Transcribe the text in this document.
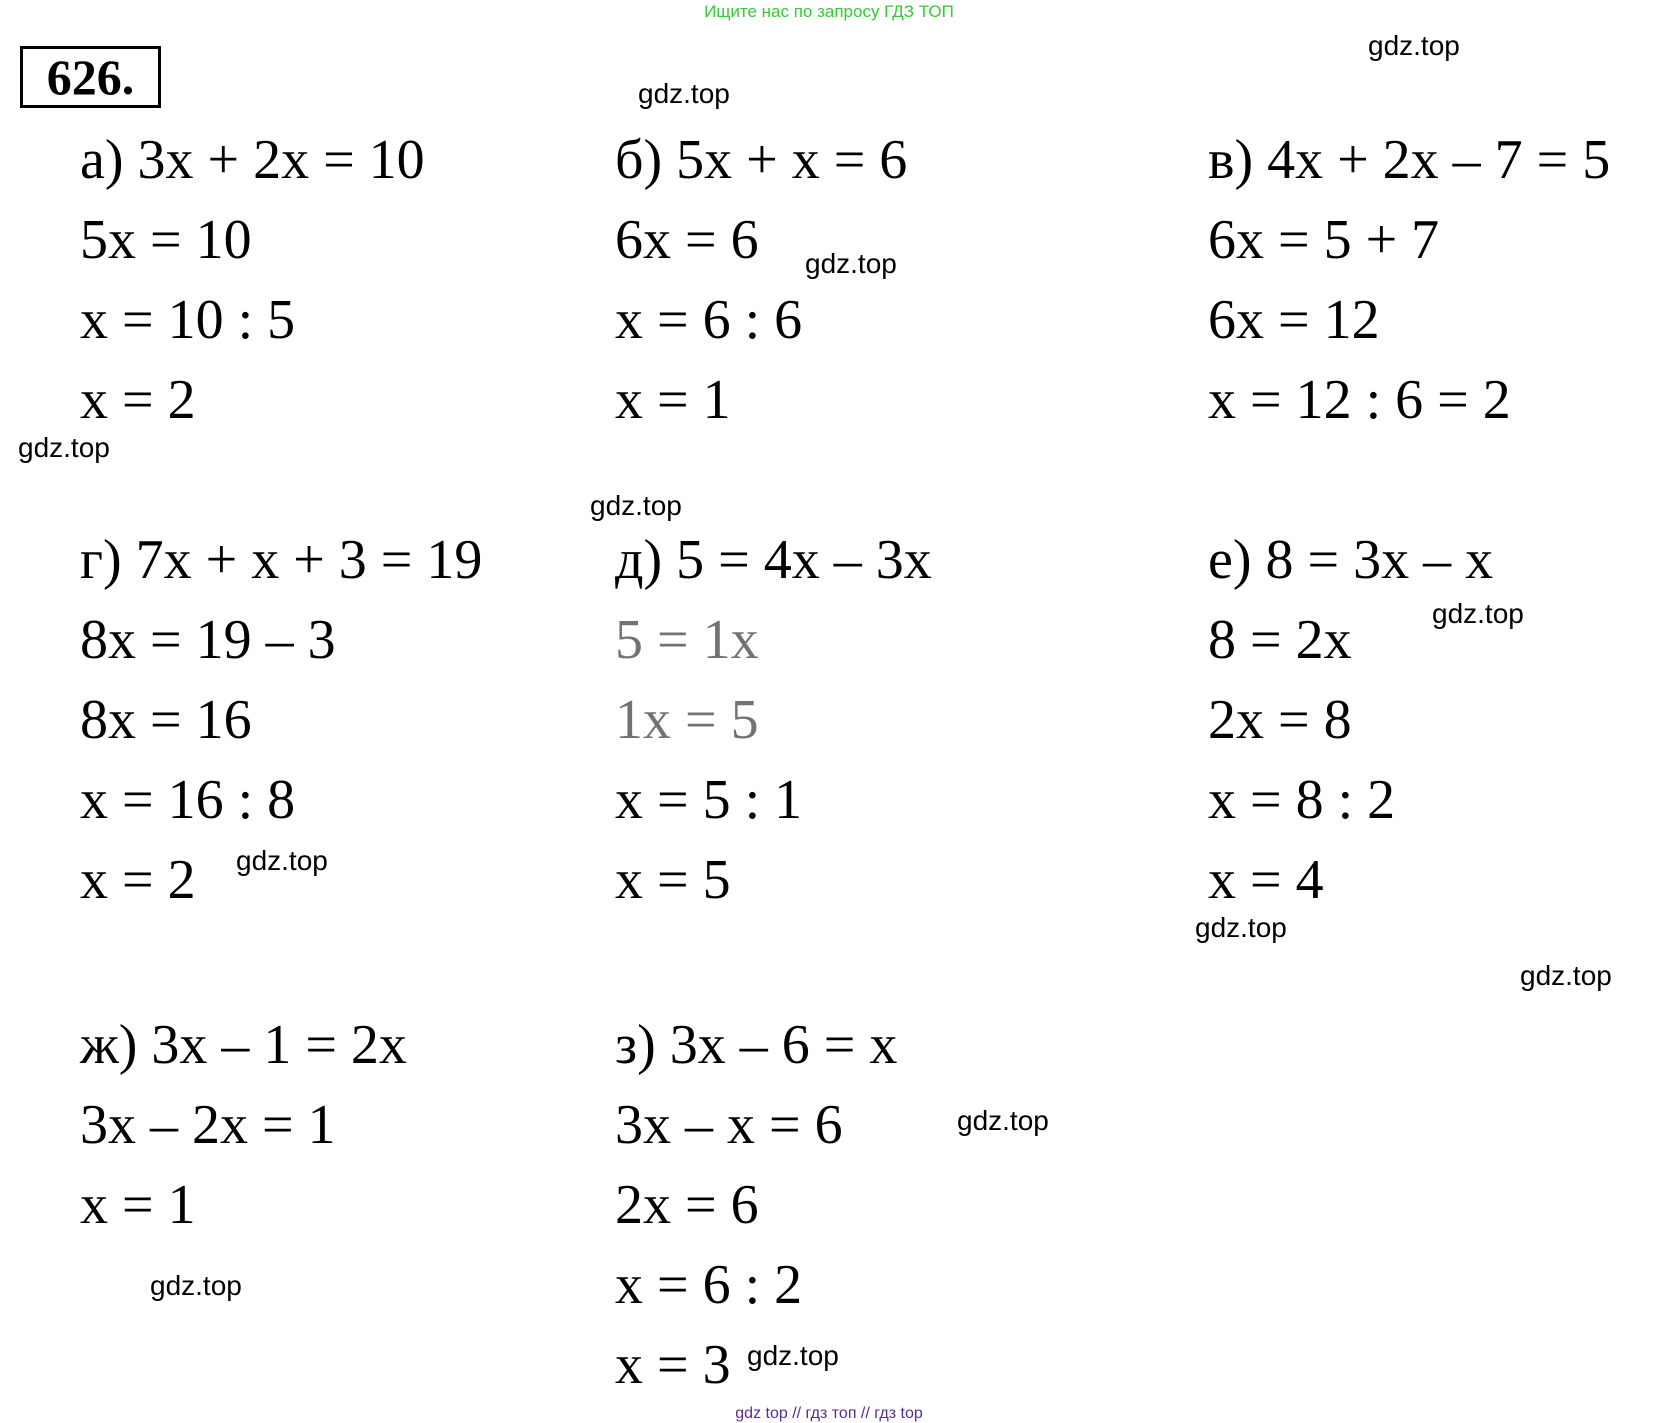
Ищите нас по запросу ГДЗ ТОП
626.
gdz.top
gdz.top
gdz.top
gdz.top
gdz.top
gdz.top
gdz.top
gdz.top
gdz.top
gdz.top
gdz.top
gdz.top
а) 3x + 2x = 10
5x = 10
x = 10 : 5
x = 2
б) 5x + x = 6
6x = 6
x = 6 : 6
x = 1
в) 4x + 2x – 7 = 5
6x = 5 + 7
6x = 12
x = 12 : 6 = 2
г) 7x + x + 3 = 19
8x = 19 – 3
8x = 16
x = 16 : 8
x = 2
д) 5 = 4x – 3x
5 = 1x
1x = 5
x = 5 : 1
x = 5
е) 8 = 3x – x
8 = 2x
2x = 8
x = 8 : 2
x = 4
ж) 3x – 1 = 2x
3x – 2x = 1
x = 1
з) 3x – 6 = x
3x – x = 6
2x = 6
x = 6 : 2
x = 3
gdz top // гдз топ // гдз top
